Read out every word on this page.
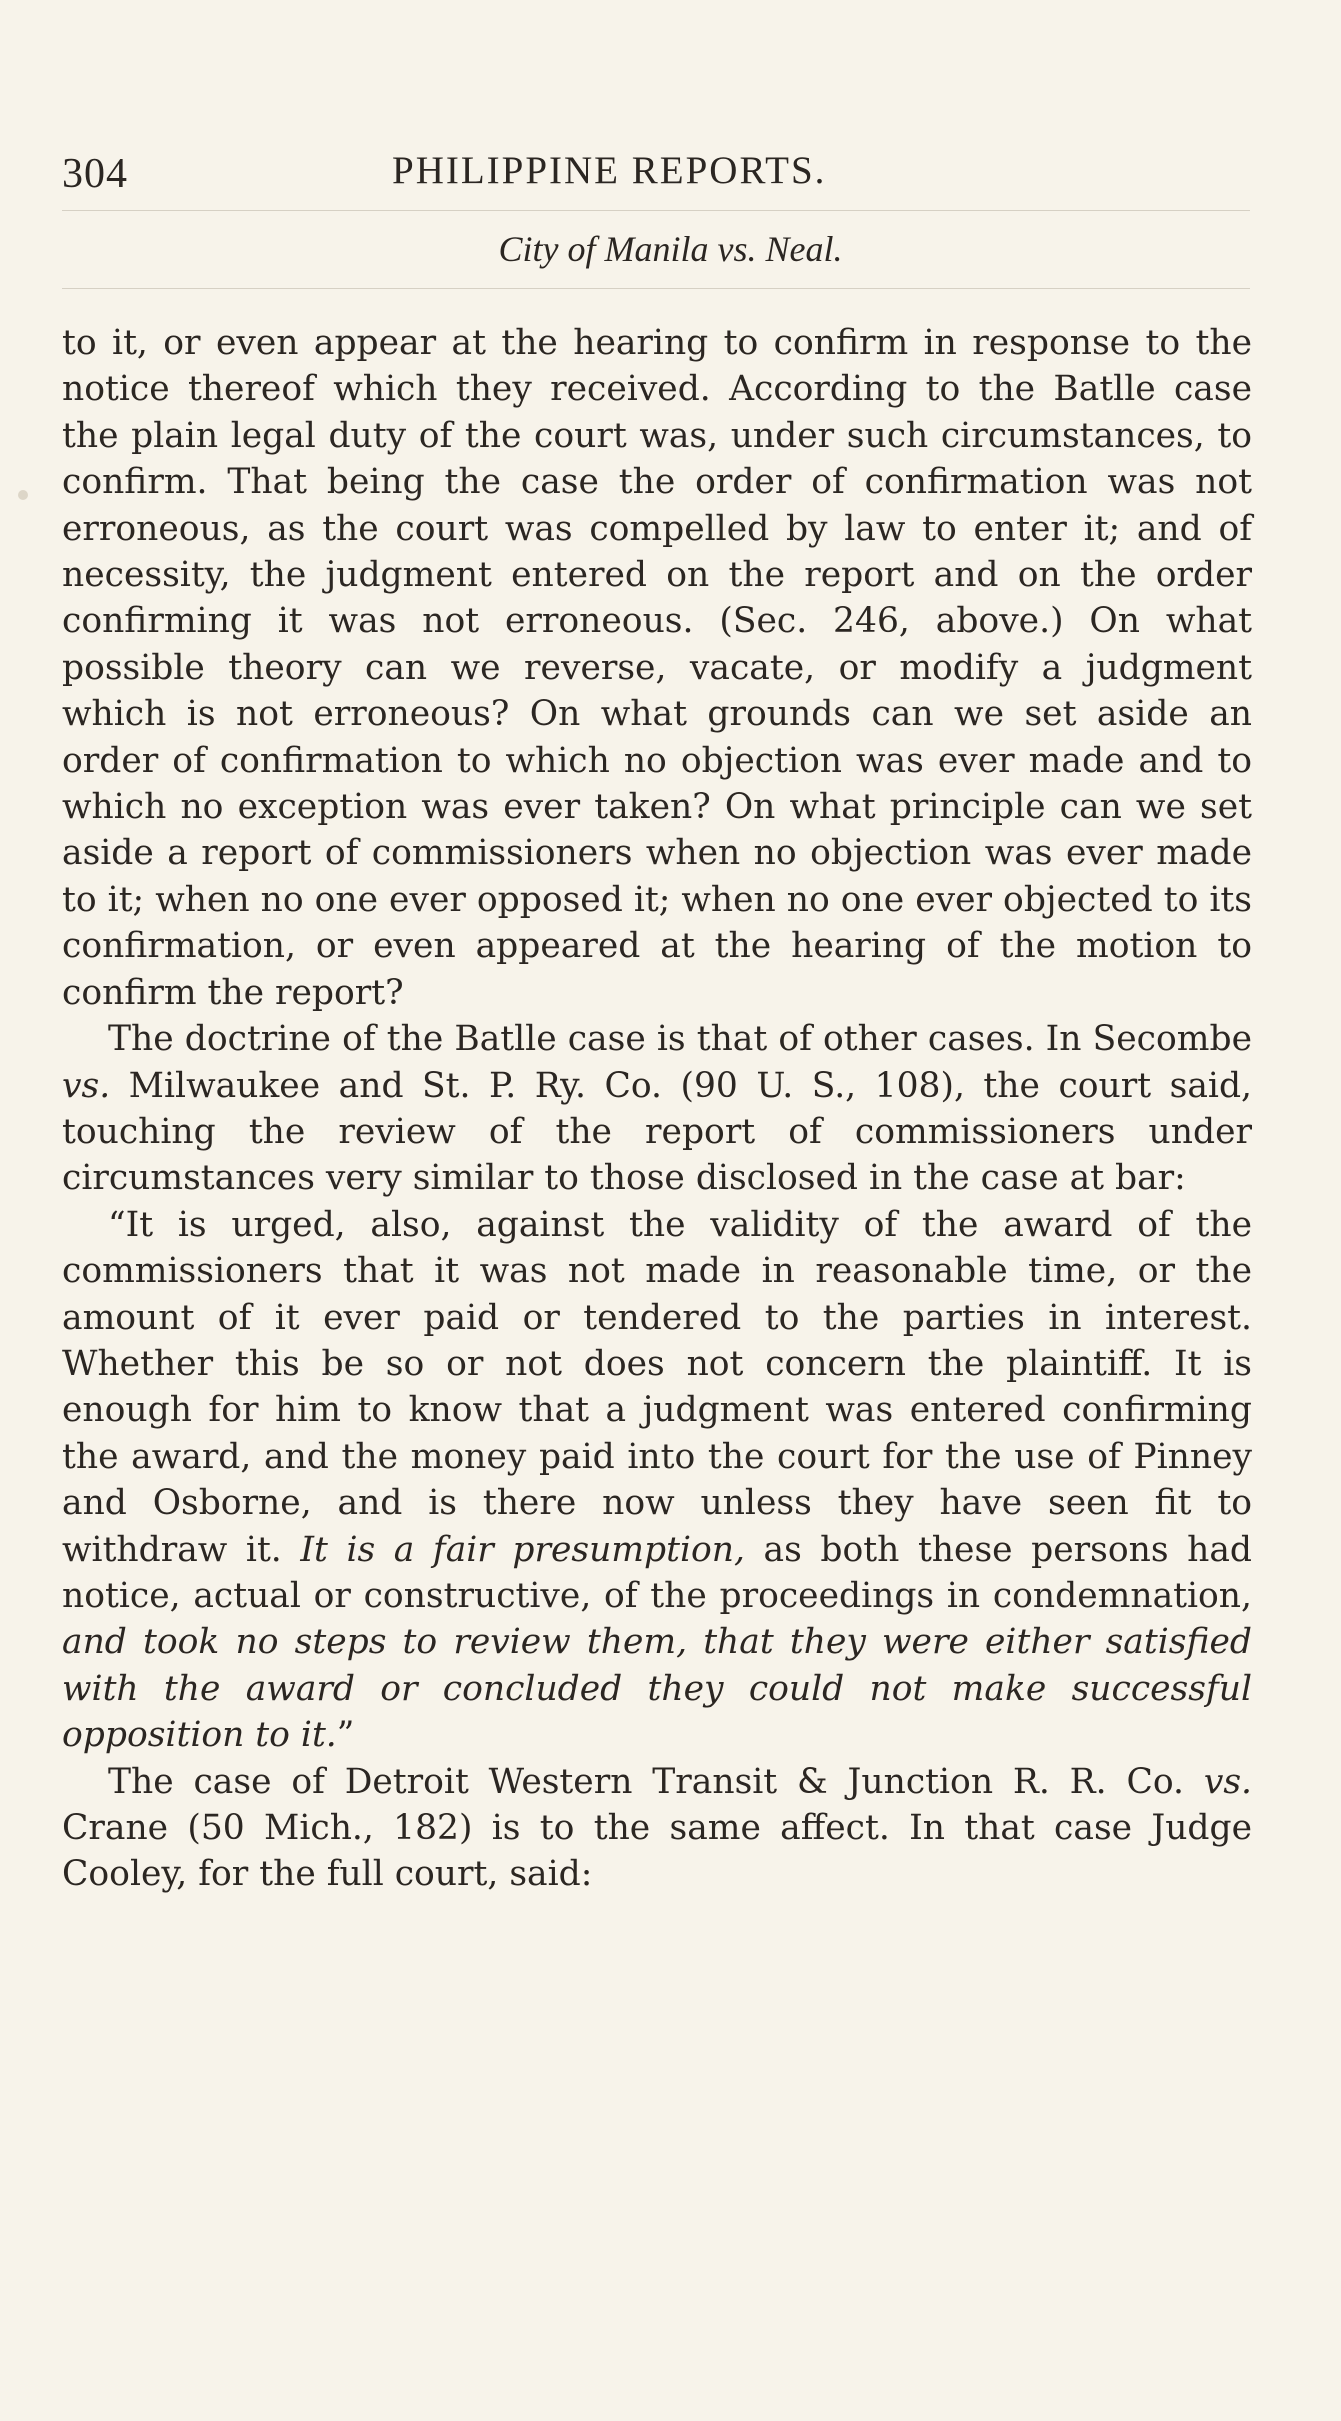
304	PHILIPPINE REPORTS.
City of Manila vs. Neal.

to it, or even appear at the hearing to confirm in response to the notice thereof which they received. According to the Batlle case the plain legal duty of the court was, under such circumstances, to confirm. That being the case the order of confirmation was not erroneous, as the court was compelled by law to enter it; and of necessity, the judgment entered on the report and on the order confirming it was not erroneous. (Sec. 246, above.) On what possible theory can we reverse, vacate, or modify a judgment which is not erroneous? On what grounds can we set aside an order of confirmation to which no objection was ever made and to which no exception was ever taken? On what principle can we set aside a report of commissioners when no objection was ever made to it; when no one ever opposed it; when no one ever objected to its confirmation, or even appeared at the hearing of the motion to confirm the report?

The doctrine of the Batlle case is that of other cases. In Secombe vs. Milwaukee and St. P. Ry. Co. (90 U. S., 108), the court said, touching the review of the report of commissioners under circumstances very similar to those disclosed in the case at bar:

“It is urged, also, against the validity of the award of the commissioners that it was not made in reasonable time, or the amount of it ever paid or tendered to the parties in interest. Whether this be so or not does not concern the plaintiff. It is enough for him to know that a judgment was entered confirming the award, and the money paid into the court for the use of Pinney and Osborne, and is there now unless they have seen fit to withdraw it. It is a fair presumption, as both these persons had notice, actual or constructive, of the proceedings in condemnation, and took no steps to review them, that they were either satisfied with the award or concluded they could not make successful opposition to it.”

The case of Detroit Western Transit & Junction R. R. Co. vs. Crane (50 Mich., 182) is to the same affect. In that case Judge Cooley, for the full court, said:
